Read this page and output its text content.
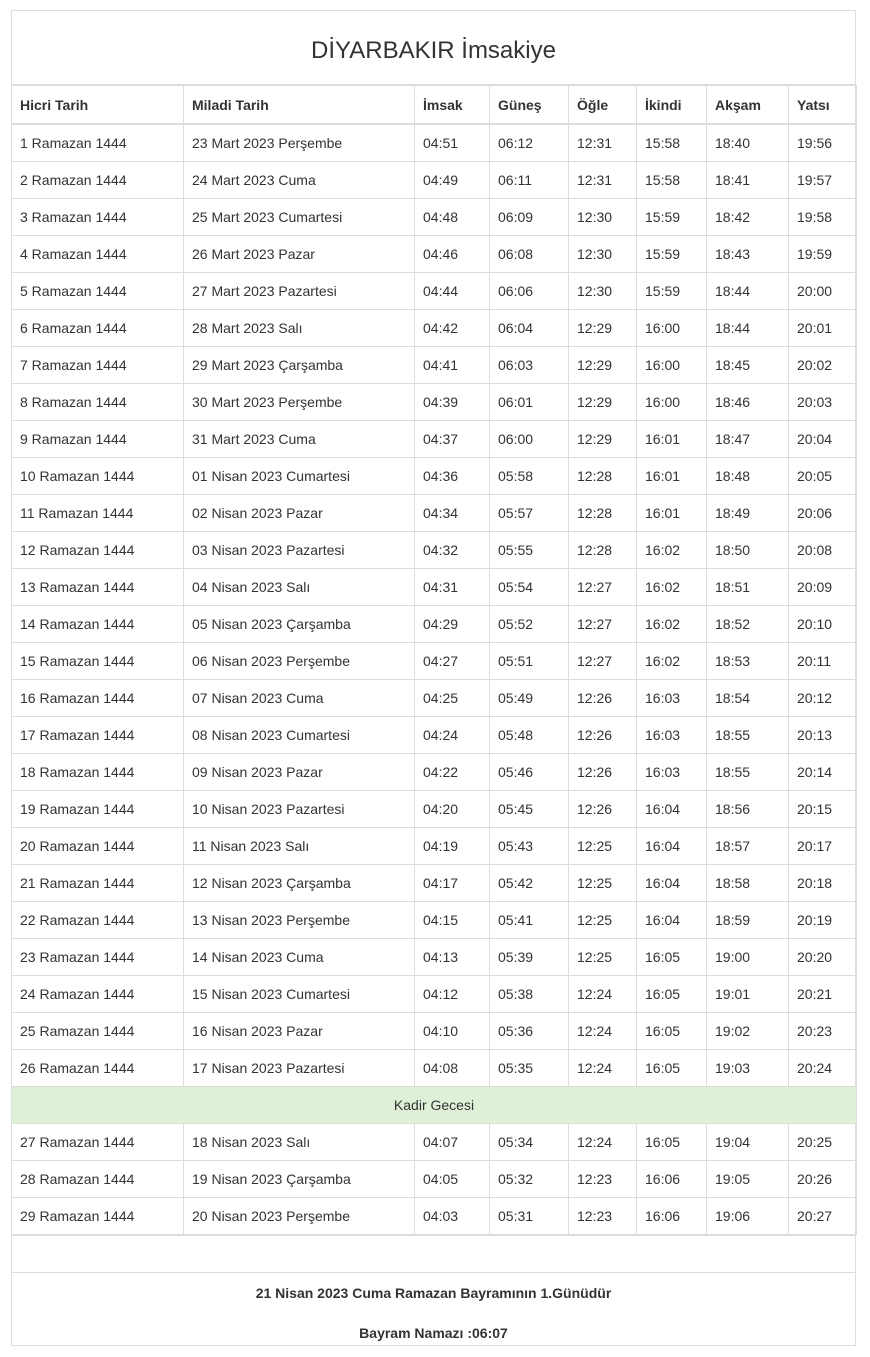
DİYARBAKIR İmsakiye
Hicri Tarih	Miladi Tarih	İmsak	Güneş	Öğle	İkindi	Akşam	Yatsı
1 Ramazan 1444	23 Mart 2023 Perşembe	04:51	06:12	12:31	15:58	18:40	19:56
2 Ramazan 1444	24 Mart 2023 Cuma	04:49	06:11	12:31	15:58	18:41	19:57
3 Ramazan 1444	25 Mart 2023 Cumartesi	04:48	06:09	12:30	15:59	18:42	19:58
4 Ramazan 1444	26 Mart 2023 Pazar	04:46	06:08	12:30	15:59	18:43	19:59
5 Ramazan 1444	27 Mart 2023 Pazartesi	04:44	06:06	12:30	15:59	18:44	20:00
6 Ramazan 1444	28 Mart 2023 Salı	04:42	06:04	12:29	16:00	18:44	20:01
7 Ramazan 1444	29 Mart 2023 Çarşamba	04:41	06:03	12:29	16:00	18:45	20:02
8 Ramazan 1444	30 Mart 2023 Perşembe	04:39	06:01	12:29	16:00	18:46	20:03
9 Ramazan 1444	31 Mart 2023 Cuma	04:37	06:00	12:29	16:01	18:47	20:04
10 Ramazan 1444	01 Nisan 2023 Cumartesi	04:36	05:58	12:28	16:01	18:48	20:05
11 Ramazan 1444	02 Nisan 2023 Pazar	04:34	05:57	12:28	16:01	18:49	20:06
12 Ramazan 1444	03 Nisan 2023 Pazartesi	04:32	05:55	12:28	16:02	18:50	20:08
13 Ramazan 1444	04 Nisan 2023 Salı	04:31	05:54	12:27	16:02	18:51	20:09
14 Ramazan 1444	05 Nisan 2023 Çarşamba	04:29	05:52	12:27	16:02	18:52	20:10
15 Ramazan 1444	06 Nisan 2023 Perşembe	04:27	05:51	12:27	16:02	18:53	20:11
16 Ramazan 1444	07 Nisan 2023 Cuma	04:25	05:49	12:26	16:03	18:54	20:12
17 Ramazan 1444	08 Nisan 2023 Cumartesi	04:24	05:48	12:26	16:03	18:55	20:13
18 Ramazan 1444	09 Nisan 2023 Pazar	04:22	05:46	12:26	16:03	18:55	20:14
19 Ramazan 1444	10 Nisan 2023 Pazartesi	04:20	05:45	12:26	16:04	18:56	20:15
20 Ramazan 1444	11 Nisan 2023 Salı	04:19	05:43	12:25	16:04	18:57	20:17
21 Ramazan 1444	12 Nisan 2023 Çarşamba	04:17	05:42	12:25	16:04	18:58	20:18
22 Ramazan 1444	13 Nisan 2023 Perşembe	04:15	05:41	12:25	16:04	18:59	20:19
23 Ramazan 1444	14 Nisan 2023 Cuma	04:13	05:39	12:25	16:05	19:00	20:20
24 Ramazan 1444	15 Nisan 2023 Cumartesi	04:12	05:38	12:24	16:05	19:01	20:21
25 Ramazan 1444	16 Nisan 2023 Pazar	04:10	05:36	12:24	16:05	19:02	20:23
26 Ramazan 1444	17 Nisan 2023 Pazartesi	04:08	05:35	12:24	16:05	19:03	20:24
Kadir Gecesi							
27 Ramazan 1444	18 Nisan 2023 Salı	04:07	05:34	12:24	16:05	19:04	20:25
28 Ramazan 1444	19 Nisan 2023 Çarşamba	04:05	05:32	12:23	16:06	19:05	20:26
29 Ramazan 1444	20 Nisan 2023 Perşembe	04:03	05:31	12:23	16:06	19:06	20:27
21 Nisan 2023 Cuma Ramazan Bayramının 1.Günüdür
Bayram Namazı :06:07
